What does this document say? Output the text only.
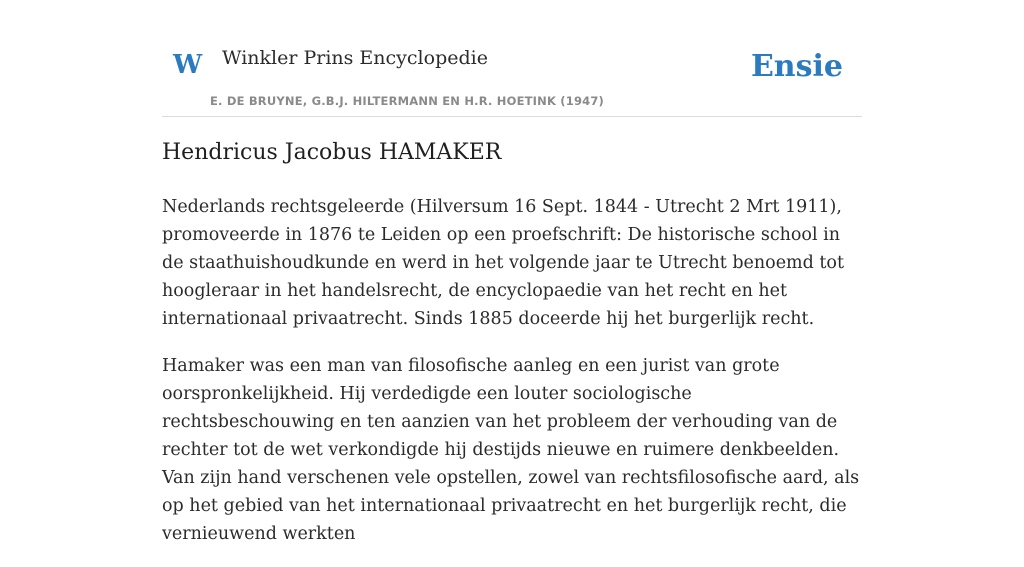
W Winkler Prins Encyclopedie
E. DE BRUYNE, G.B.J. HILTERMANN EN H.R. HOETINK (1947)
Ensie
Hendricus Jacobus HAMAKER

Nederlands rechtsgeleerde (Hilversum 16 Sept. 1844 - Utrecht 2 Mrt 1911), promoveerde in 1876 te Leiden op een proefschrift: De historische school in de staathuishoudkunde en werd in het volgende jaar te Utrecht benoemd tot hoogleraar in het handelsrecht, de encyclopaedie van het recht en het internationaal privaatrecht. Sinds 1885 doceerde hij het burgerlijk recht.

Hamaker was een man van filosofische aanleg en een jurist van grote oorspronkelijkheid. Hij verdedigde een louter sociologische rechtsbeschouwing en ten aanzien van het probleem der verhouding van de rechter tot de wet verkondigde hij destijds nieuwe en ruimere denkbeelden. Van zijn hand verschenen vele opstellen, zowel van rechtsfilosofische aard, als op het gebied van het internationaal privaatrecht en het burgerlijk recht, die vernieuwend werkten
